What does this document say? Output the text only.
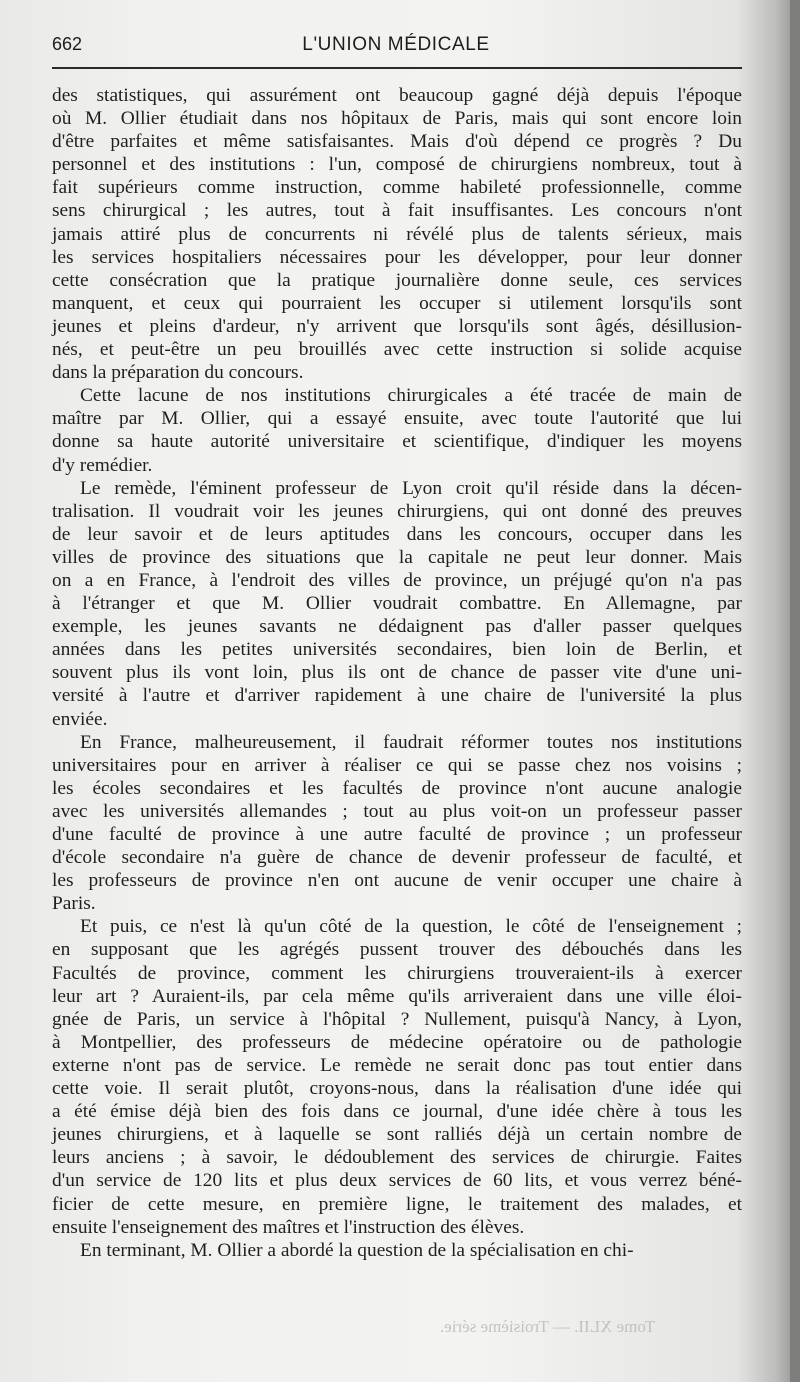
662	L'UNION MÉDICALE
des statistiques, qui assurément ont beaucoup gagné déjà depuis l'époque
où M. Ollier étudiait dans nos hôpitaux de Paris, mais qui sont encore loin
d'être parfaites et même satisfaisantes. Mais d'où dépend ce progrès ? Du
personnel et des institutions : l'un, composé de chirurgiens nombreux, tout à
fait supérieurs comme instruction, comme habileté professionnelle, comme
sens chirurgical ; les autres, tout à fait insuffisantes. Les concours n'ont
jamais attiré plus de concurrents ni révélé plus de talents sérieux, mais
les services hospitaliers nécessaires pour les développer, pour leur donner
cette consécration que la pratique journalière donne seule, ces services
manquent, et ceux qui pourraient les occuper si utilement lorsqu'ils sont
jeunes et pleins d'ardeur, n'y arrivent que lorsqu'ils sont âgés, désillusion-
nés, et peut-être un peu brouillés avec cette instruction si solide acquise
dans la préparation du concours.
Cette lacune de nos institutions chirurgicales a été tracée de main de
maître par M. Ollier, qui a essayé ensuite, avec toute l'autorité que lui
donne sa haute autorité universitaire et scientifique, d'indiquer les moyens
d'y remédier.
Le remède, l'éminent professeur de Lyon croit qu'il réside dans la décen-
tralisation. Il voudrait voir les jeunes chirurgiens, qui ont donné des preuves
de leur savoir et de leurs aptitudes dans les concours, occuper dans les
villes de province des situations que la capitale ne peut leur donner. Mais
on a en France, à l'endroit des villes de province, un préjugé qu'on n'a pas
à l'étranger et que M. Ollier voudrait combattre. En Allemagne, par
exemple, les jeunes savants ne dédaignent pas d'aller passer quelques
années dans les petites universités secondaires, bien loin de Berlin, et
souvent plus ils vont loin, plus ils ont de chance de passer vite d'une uni-
versité à l'autre et d'arriver rapidement à une chaire de l'université la plus
enviée.
En France, malheureusement, il faudrait réformer toutes nos institutions
universitaires pour en arriver à réaliser ce qui se passe chez nos voisins ;
les écoles secondaires et les facultés de province n'ont aucune analogie
avec les universités allemandes ; tout au plus voit-on un professeur passer
d'une faculté de province à une autre faculté de province ; un professeur
d'école secondaire n'a guère de chance de devenir professeur de faculté, et
les professeurs de province n'en ont aucune de venir occuper une chaire à
Paris.
Et puis, ce n'est là qu'un côté de la question, le côté de l'enseignement ;
en supposant que les agrégés pussent trouver des débouchés dans les
Facultés de province, comment les chirurgiens trouveraient-ils à exercer
leur art ? Auraient-ils, par cela même qu'ils arriveraient dans une ville éloi-
gnée de Paris, un service à l'hôpital ? Nullement, puisqu'à Nancy, à Lyon,
à Montpellier, des professeurs de médecine opératoire ou de pathologie
externe n'ont pas de service. Le remède ne serait donc pas tout entier dans
cette voie. Il serait plutôt, croyons-nous, dans la réalisation d'une idée qui
a été émise déjà bien des fois dans ce journal, d'une idée chère à tous les
jeunes chirurgiens, et à laquelle se sont ralliés déjà un certain nombre de
leurs anciens ; à savoir, le dédoublement des services de chirurgie. Faites
d'un service de 120 lits et plus deux services de 60 lits, et vous verrez béné-
ficier de cette mesure, en première ligne, le traitement des malades, et
ensuite l'enseignement des maîtres et l'instruction des élèves.
En terminant, M. Ollier a abordé la question de la spécialisation en chi-
Tome XLII. — Troisième série.
